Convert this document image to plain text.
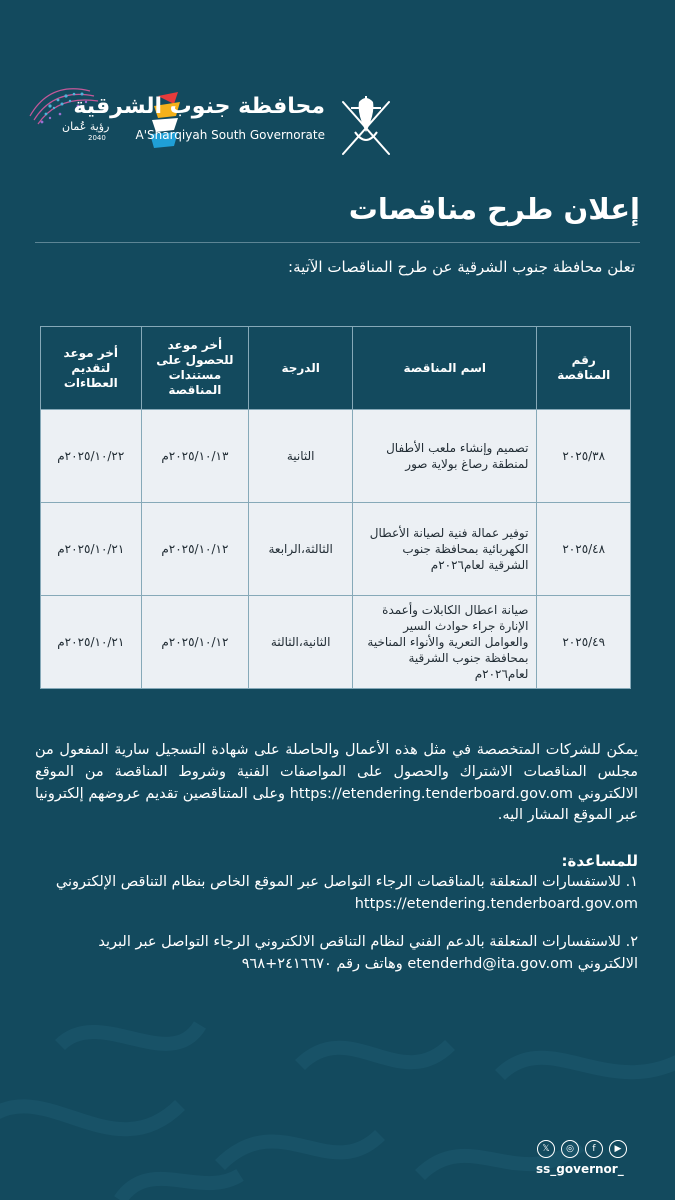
رؤية عُمان
2040
محافظة جنوب الشرقية
A'Sharqiyah South Governorate
إعلان طرح مناقصات
تعلن محافظة جنوب الشرقية عن طرح المناقصات الآتية:
رقم المناقصة	اسم المناقصة	الدرجة	أخر موعد للحصول على مستندات المناقصة	أخر موعد لتقديم العطاءات
٢٠٢٥/٣٨	تصميم وإنشاء ملعب الأطفال لمنطقة رصاغ بولاية صور	الثانية	٢٠٢٥/١٠/١٣م	٢٠٢٥/١٠/٢٢م
٢٠٢٥/٤٨	توفير عمالة فنية لصيانة الأعطال الكهربائية بمحافظة جنوب الشرقية لعام٢٠٢٦م	الثالثة،الرابعة	٢٠٢٥/١٠/١٢م	٢٠٢٥/١٠/٢١م
٢٠٢٥/٤٩	صيانة اعطال الكابلات وأعمدة الإنارة جراء حوادث السير والعوامل التعرية والأنواء المناخية بمحافظة جنوب الشرقية لعام٢٠٢٦م	الثانية،الثالثة	٢٠٢٥/١٠/١٢م	٢٠٢٥/١٠/٢١م

يمكن للشركات المتخصصة في مثل هذه الأعمال والحاصلة على شهادة التسجيل سارية المفعول من مجلس المناقصات الاشتراك والحصول على المواصفات الفنية وشروط المناقصة من الموقع الالكتروني https://etendering.tenderboard.gov.om وعلى المتناقصين تقديم عروضهم إلكترونيا عبر الموقع المشار اليه.

للمساعدة:

١. للاستفسارات المتعلقة بالمناقصات الرجاء التواصل عبر الموقع الخاص بنظام التناقص الإلكتروني https://etendering.tenderboard.gov.om

٢. للاستفسارات المتعلقة بالدعم الفني لنظام التناقص الالكتروني الرجاء التواصل عبر البريد الالكتروني etenderhd@ita.gov.om وهاتف رقم ٢٤١٦٦٧٠+٩٦٨

𝕏	◎	f	▶
ss_governor_
